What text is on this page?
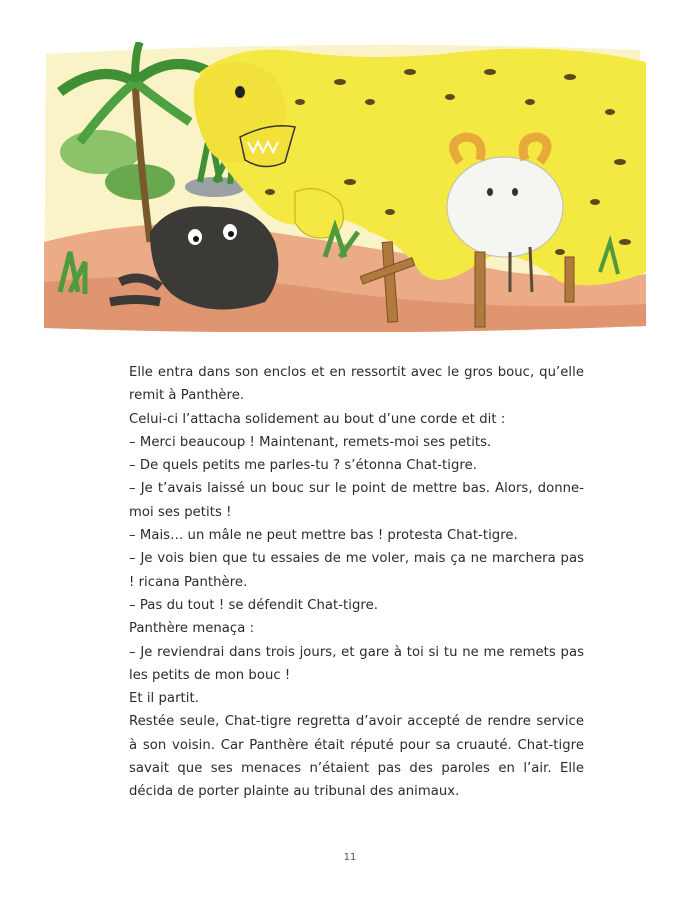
Elle entra dans son enclos et en ressortit avec le gros bouc, qu’elle remit à Panthère.

Celui-ci l’attacha solidement au bout d’une corde et dit :

– Merci beaucoup ! Maintenant, remets-moi ses petits.

– De quels petits me parles-tu ? s’étonna Chat-tigre.

– Je t’avais laissé un bouc sur le point de mettre bas. Alors, donne-moi ses petits !

– Mais… un mâle ne peut mettre bas ! protesta Chat-tigre.

– Je vois bien que tu essaies de me voler, mais ça ne marchera pas ! ricana Panthère.

– Pas du tout ! se défendit Chat-tigre.

Panthère menaça :

– Je reviendrai dans trois jours, et gare à toi si tu ne me remets pas les petits de mon bouc !

Et il partit.

Restée seule, Chat-tigre regretta d’avoir accepté de rendre service à son voisin. Car Panthère était réputé pour sa cruauté. Chat-tigre savait que ses menaces n’étaient pas des paroles en l’air. Elle décida de porter plainte au tribunal des animaux.

11
